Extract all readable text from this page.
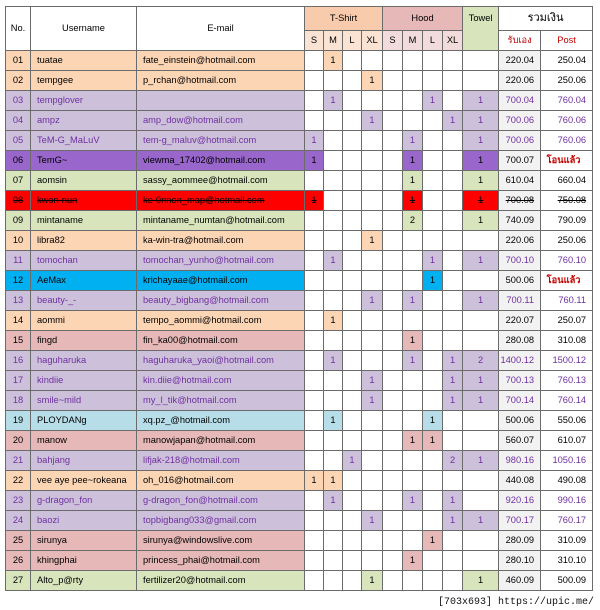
No.	Username	E-mail	T-Shirt				Hood				Towel	รวมเงิน	
			S	M	L	XL	S	M	L	XL		รับเอง	Post
01	tuatae	fate_einstein@hotmail.com		1								220.04	250.04
02	tempgee	p_rchan@hotmail.com				1						220.06	250.06
03	tempglover			1					1		1	700.04	760.04
04	ampz	amp_dow@hotmail.com				1				1	1	700.06	760.06
05	TeM-G_MaLuV	tem-g_maluv@hotmail.com	1					1			1	700.06	760.06
06	TemG~	viewma_17402@hotmail.com	1					1			1	700.07	โอนแล้ว
07	aomsin	sassy_aommee@hotmail.com						1			1	610.04	660.04
08	kwon-nun	ke-0nnon_map@hotmail.com	1					1			1	700.08	750.08
09	mintaname	mintaname_numtan@hotmail.com						2			1	740.09	790.09
10	libra82	ka-win-tra@hotmail.com				1						220.06	250.06
11	tomochan	tomochan_yunho@hotmail.com		1					1		1	700.10	760.10
12	AeMax	krichayaae@hotmail.com							1			500.06	โอนแล้ว
13	beauty-_-	beauty_bigbang@hotmail.com				1		1			1	700.11	760.11
14	aommi	tempo_aommi@hotmail.com		1								220.07	250.07
15	fingd	fin_ka00@hotmail.com						1				280.08	310.08
16	haguharuka	haguharuka_yaoi@hotmail.com		1				1		1	2	1400.12	1500.12
17	kindiie	kin.diie@hotmail.com				1				1	1	700.13	760.13
18	smile~mild	my_l_tik@hotmail.com				1				1	1	700.14	760.14
19	PLOYDANg	xq.pz_@hotmail.com		1					1			500.06	550.06
20	manow	manowjapan@hotmail.com						1	1			560.07	610.07
21	bahjang	lifjak-218@hotmail.com			1					2	1	980.16	1050.16
22	vee aye pee~rokeana	oh_016@hotmail.com	1	1								440.08	490.08
23	g-dragon_fon	g-dragon_fon@hotmail.com		1				1		1		920.16	990.16
24	baozi	topbigbang033@gmail.com				1				1	1	700.17	760.17
25	sirunya	sirunya@windowslive.com							1			280.09	310.09
26	khingphai	princess_phai@hotmail.com						1				280.10	310.10
27	Alto_p@rty	fertilizer20@hotmail.com				1					1	460.09	500.09
[703x693] https://upic.me/
